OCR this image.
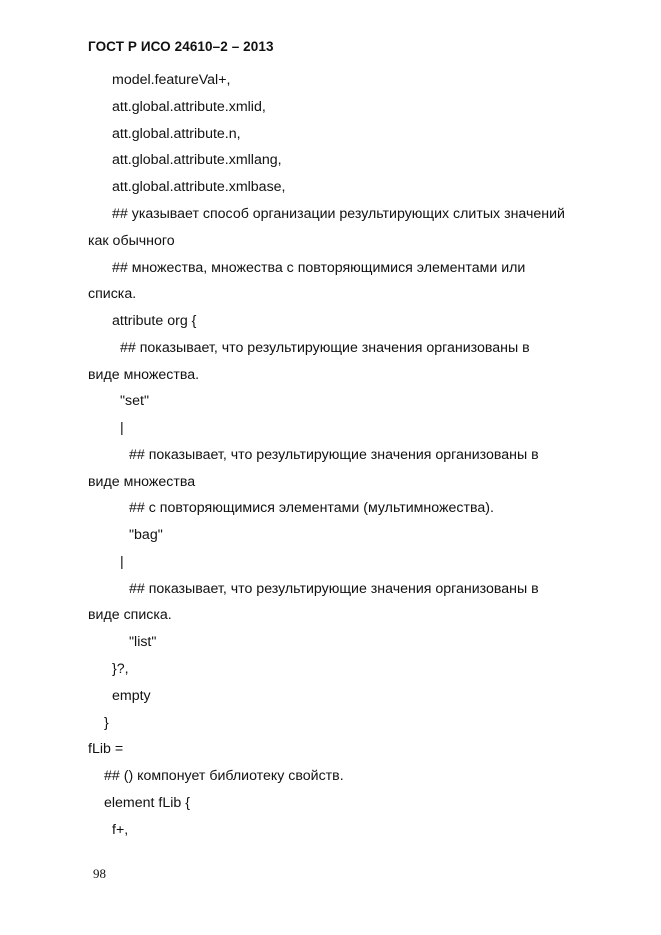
ГОСТ Р ИСО 24610–2 – 2013
model.featureVal+,
att.global.attribute.xmlid,
att.global.attribute.n,
att.global.attribute.xmllang,
att.global.attribute.xmlbase,
## указывает способ организации результирующих слитых значений
как обычного
## множества, множества с повторяющимися элементами или
списка.
attribute org {
## показывает, что результирующие значения организованы в
виде множества.
"set"
|
## показывает, что результирующие значения организованы в
виде множества
## с повторяющимися элементами (мультимножества).
"bag"
|
## показывает, что результирующие значения организованы в
виде списка.
"list"
}?,
empty
}
fLib =
## () компонует библиотеку свойств.
element fLib {
f+,
98
